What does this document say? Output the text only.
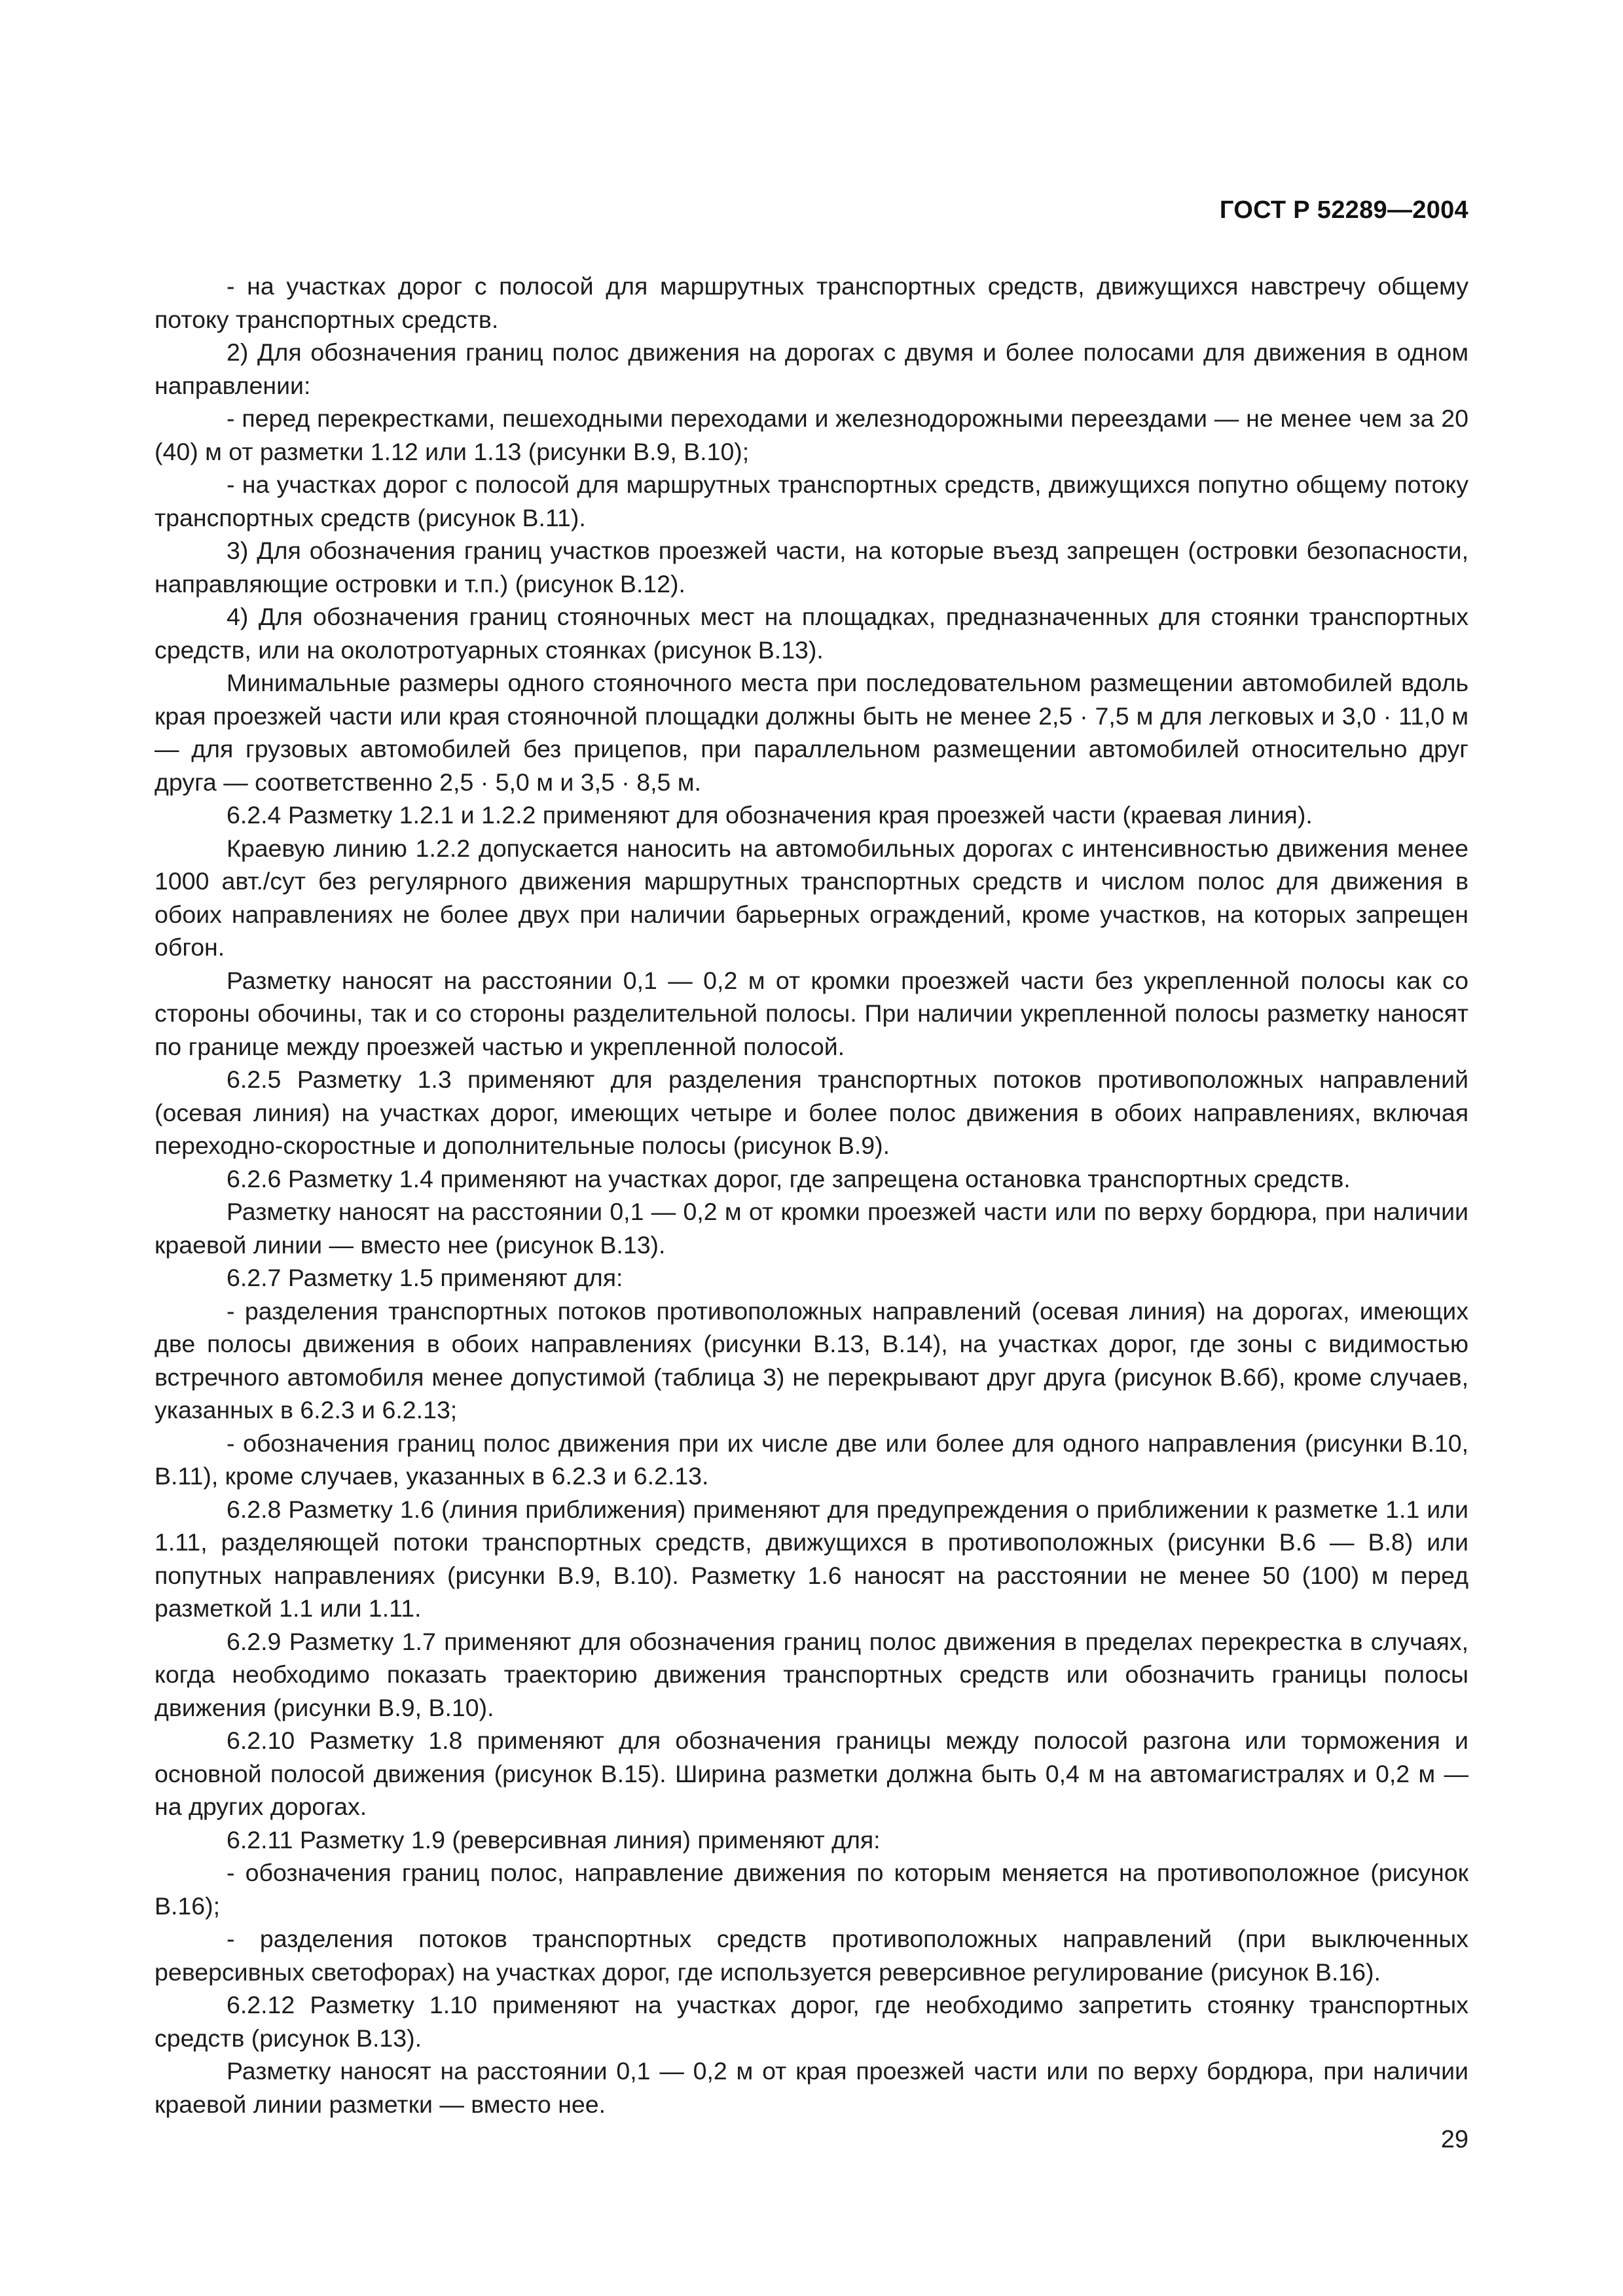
ГОСТ Р 52289—2004

- на участках дорог с полосой для маршрутных транспортных средств, движущихся навстречу общему потоку транспортных средств.

2) Для обозначения границ полос движения на дорогах с двумя и более полосами для движения в одном направлении:

- перед перекрестками, пешеходными переходами и железнодорожными переездами — не менее чем за 20 (40) м от разметки 1.12 или 1.13 (рисунки В.9, В.10);

- на участках дорог с полосой для маршрутных транспортных средств, движущихся попутно общему потоку транспортных средств (рисунок В.11).

3) Для обозначения границ участков проезжей части, на которые въезд запрещен (островки безопасности, направляющие островки и т.п.) (рисунок В.12).

4) Для обозначения границ стояночных мест на площадках, предназначенных для стоянки транспортных средств, или на околотротуарных стоянках (рисунок В.13).

Минимальные размеры одного стояночного места при последовательном размещении автомобилей вдоль края проезжей части или края стояночной площадки должны быть не менее 2,5 · 7,5 м для легковых и 3,0 · 11,0 м — для грузовых автомобилей без прицепов, при параллельном размещении автомобилей относительно друг друга — соответственно 2,5 · 5,0 м и 3,5 · 8,5 м.

6.2.4 Разметку 1.2.1 и 1.2.2 применяют для обозначения края проезжей части (краевая линия).

Краевую линию 1.2.2 допускается наносить на автомобильных дорогах с интенсивностью движения менее 1000 авт./сут без регулярного движения маршрутных транспортных средств и числом полос для движения в обоих направлениях не более двух при наличии барьерных ограждений, кроме участков, на которых запрещен обгон.

Разметку наносят на расстоянии 0,1 — 0,2 м от кромки проезжей части без укрепленной полосы как со стороны обочины, так и со стороны разделительной полосы. При наличии укрепленной полосы разметку наносят по границе между проезжей частью и укрепленной полосой.

6.2.5 Разметку 1.3 применяют для разделения транспортных потоков противоположных направлений (осевая линия) на участках дорог, имеющих четыре и более полос движения в обоих направлениях, включая переходно-скоростные и дополнительные полосы (рисунок В.9).

6.2.6 Разметку 1.4 применяют на участках дорог, где запрещена остановка транспортных средств.

Разметку наносят на расстоянии 0,1 — 0,2 м от кромки проезжей части или по верху бордюра, при наличии краевой линии — вместо нее (рисунок В.13).

6.2.7 Разметку 1.5 применяют для:

- разделения транспортных потоков противоположных направлений (осевая линия) на дорогах, имеющих две полосы движения в обоих направлениях (рисунки В.13, В.14), на участках дорог, где зоны с видимостью встречного автомобиля менее допустимой (таблица 3) не перекрывают друг друга (рисунок В.6б), кроме случаев, указанных в 6.2.3 и 6.2.13;

- обозначения границ полос движения при их числе две или более для одного направления (рисунки В.10, В.11), кроме случаев, указанных в 6.2.3 и 6.2.13.

6.2.8 Разметку 1.6 (линия приближения) применяют для предупреждения о приближении к разметке 1.1 или 1.11, разделяющей потоки транспортных средств, движущихся в противоположных (рисунки В.6 — В.8) или попутных направлениях (рисунки В.9, В.10). Разметку 1.6 наносят на расстоянии не менее 50 (100) м перед разметкой 1.1 или 1.11.

6.2.9 Разметку 1.7 применяют для обозначения границ полос движения в пределах перекрестка в случаях, когда необходимо показать траекторию движения транспортных средств или обозначить границы полосы движения (рисунки В.9, В.10).

6.2.10 Разметку 1.8 применяют для обозначения границы между полосой разгона или торможения и основной полосой движения (рисунок В.15). Ширина разметки должна быть 0,4 м на автомагистралях и 0,2 м — на других дорогах.

6.2.11 Разметку 1.9 (реверсивная линия) применяют для:

- обозначения границ полос, направление движения по которым меняется на противоположное (рисунок В.16);

- разделения потоков транспортных средств противоположных направлений (при выключенных реверсивных светофорах) на участках дорог, где используется реверсивное регулирование (рисунок В.16).

6.2.12 Разметку 1.10 применяют на участках дорог, где необходимо запретить стоянку транспортных средств (рисунок В.13).

Разметку наносят на расстоянии 0,1 — 0,2 м от края проезжей части или по верху бордюра, при наличии краевой линии разметки — вместо нее.

29
